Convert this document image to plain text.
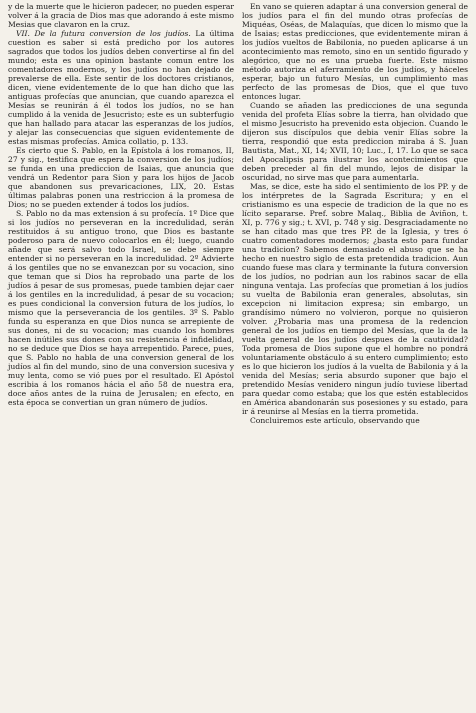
y de la muerte que le hicieron padecer, no pueden esperar volver á la gracia de Dios mas que adorando á este mismo Mesias que clavaron en la cruz.

VII. De la futura conversion de los judíos. La última cuestion es saber si está predicho por los autores sagrados que todos los judíos deben convertirse al fin del mundo; esta es una opinion bastante comun entre los comentadores modernos, y los judíos no han dejado de prevalerse de ella. Este sentir de los doctores cristianos, dicen, viene evidentemente de lo que han dicho que las antiguas profecías que anuncian, que cuando aparezca el Mesías se reunirán á él todos los judíos, no se han cumplido á la venida de Jesucristo; este es un subterfugio que han hallado para atacar las esperanzas de los judíos, y alejar las consecuencias que siguen evidentemente de estas mismas profecías. Amica collatio, p. 133.

Es cierto que S. Pablo, en la Epístola á los romanos, II, 27 y sig., testifica que espera la conversion de los judíos; se funda en una prediccion de Isaias, que anuncia que vendrá un Redentor para Sion y para los hijos de Jacob que abandonen sus prevaricaciones, LIX, 20. Estas últimas palabras ponen una restriccion á la promesa de Dios; no se pueden extender á todos los judíos.

S. Pablo no da mas extension á su profecía. 1º Dice que si los judíos no perseveran en la incredulidad, serán restituidos á su antiguo trono, que Dios es bastante poderoso para de nuevo colocarlos en él; luego, cuando añade que será salvo todo Israel, se debe siempre entender si no perseveran en la incredulidad. 2º Advierte á los gentiles que no se envanezcan por su vocacion, sino que teman que si Dios ha reprobado una parte de los judíos á pesar de sus promesas, puede tambien dejar caer á los gentiles en la incredulidad, á pesar de su vocacion; es pues condicional la conversion futura de los judíos, lo mismo que la perseverancia de los gentiles. 3º S. Pablo funda su esperanza en que Dios nunca se arrepiente de sus dones, ni de su vocacion; mas cuando los hombres hacen inútiles sus dones con su resistencia é infidelidad, no se deduce que Dios se haya arrepentido. Parece, pues, que S. Pablo no habla de una conversion general de los judíos al fin del mundo, sino de una conversion sucesiva y muy lenta, como se vió pues por el resultado. El Apóstol escribia á los romanos hácia el año 58 de nuestra era, doce años antes de la ruina de Jerusalen; en efecto, en esta época se convertian un gran número de judíos.

En vano se quieren adaptar á una conversion general de los judíos para el fin del mundo otras profecías de Miquéas, Oséas, de Malaquías, que dicen lo mismo que la de Isaias; estas predicciones, que evidentemente miran á los judíos vueltos de Babilonia, no pueden aplicarse á un acontecimiento mas remoto, sino en un sentido figurado y alegórico, que no es una prueba fuerte. Este mismo método autoriza el aferramiento de los judíos, y háceles esperar, bajo un futuro Mesías, un cumplimiento mas perfecto de las promesas de Dios, que el que tuvo entonces lugar.

Cuando se añaden las predicciones de una segunda venida del profeta Elías sobre la tierra, han olvidado que el mismo Jesucristo ha prevenido esta objecion. Cuando le dijeron sus discípulos que debia venir Elías sobre la tierra, respondió que esta prediccion miraba á S. Juan Bautista, Mat., XI, 14; XVII, 10; Luc., I, 17. Lo que se saca del Apocalipsis para ilustrar los acontecimientos que deben preceder al fin del mundo, lejos de disipar la oscuridad, no sirve mas que para aumentarla.

Mas, se dice, este ha sido el sentimiento de los PP. y de los intérpretes de la Sagrada Escritura; y en el cristianismo es una especie de tradicion de la que no es lícito separarse. Pref. sobre Malaq., Biblia de Aviñon, t. XI, p. 776 y sig.; t. XVI, p. 748 y sig. Desgraciadamente no se han citado mas que tres PP. de la Iglesia, y tres ó cuatro comentadores modernos; ¿basta esto para fundar una tradicion? Sabemos demasiado el abuso que se ha hecho en nuestro siglo de esta pretendida tradicion. Aun cuando fuese mas clara y terminante la futura conversion de los judíos, no podrian aun los rabinos sacar de ella ninguna ventaja. Las profecías que prometian á los judíos su vuelta de Babilonia eran generales, absolutas, sin excepcion ni limitacion expresa; sin embargo, un grandísimo número no volvieron, porque no quisieron volver. ¿Probaria mas una promesa de la redencion general de los judíos en tiempo del Mesías, que la de la vuelta general de los judíos despues de la cautividad? Toda promesa de Dios supone que el hombre no pondrá voluntariamente obstáculo á su entero cumplimiento; esto es lo que hicieron los judíos á la vuelta de Babilonia y á la venida del Mesías; seria absurdo suponer que bajo el pretendido Mesías venidero ningun judío tuviese libertad para quedar como estaba; que los que estén establecidos en América abandonarán sus posesiones y su estado, para ir á reunirse al Mesías en la tierra prometida.

Concluiremos este artículo, observando que
